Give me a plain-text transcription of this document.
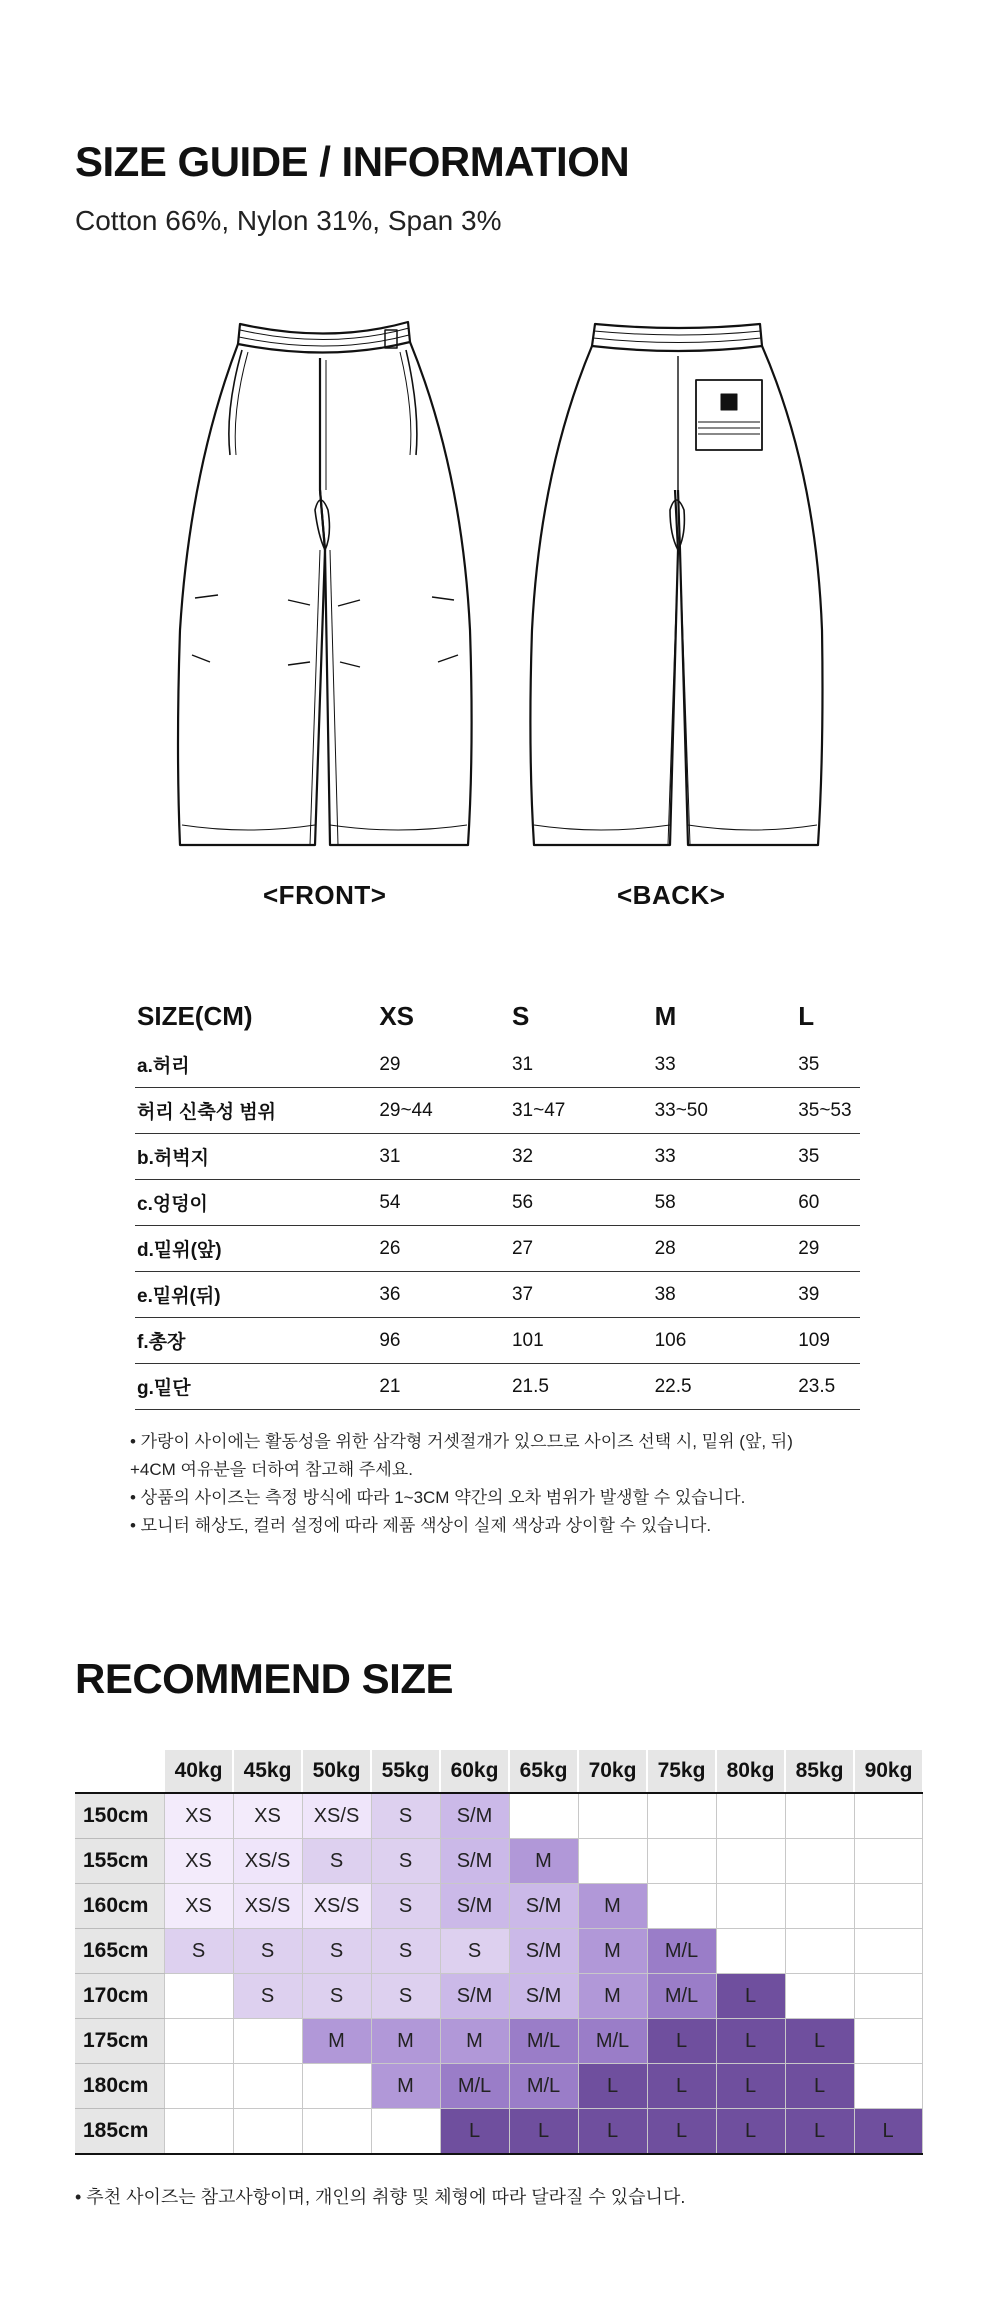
SIZE GUIDE / INFORMATION
Cotton 66%, Nylon 31%, Span 3%
<FRONT>	<BACK>
SIZE(CM)	XS	S	M	L
a.허리	29	31	33	35
허리 신축성 범위	29~44	31~47	33~50	35~53
b.허벅지	31	32	33	35
c.엉덩이	54	56	58	60
d.밑위(앞)	26	27	28	29
e.밑위(뒤)	36	37	38	39
f.총장	96	101	106	109
g.밑단	21	21.5	22.5	23.5
• 가랑이 사이에는 활동성을 위한 삼각형 거셋절개가 있으므로 사이즈 선택 시, 밑위 (앞, 뒤)
+4CM 여유분을 더하여 참고해 주세요.
• 상품의 사이즈는 측정 방식에 따라 1~3CM 약간의 오차 범위가 발생할 수 있습니다.
• 모니터 해상도, 컬러 설정에 따라 제품 색상이 실제 색상과 상이할 수 있습니다.
RECOMMEND SIZE
	40kg	45kg	50kg	55kg	60kg	65kg	70kg	75kg	80kg	85kg	90kg
150cm	XS	XS	XS/S	S	S/M						
155cm	XS	XS/S	S	S	S/M	M					
160cm	XS	XS/S	XS/S	S	S/M	S/M	M				
165cm	S	S	S	S	S	S/M	M	M/L			
170cm		S	S	S	S/M	S/M	M	M/L	L		
175cm			M	M	M	M/L	M/L	L	L	L	
180cm				M	M/L	M/L	L	L	L	L	
185cm					L	L	L	L	L	L	L
• 추천 사이즈는 참고사항이며, 개인의 취향 및 체형에 따라 달라질 수 있습니다.
